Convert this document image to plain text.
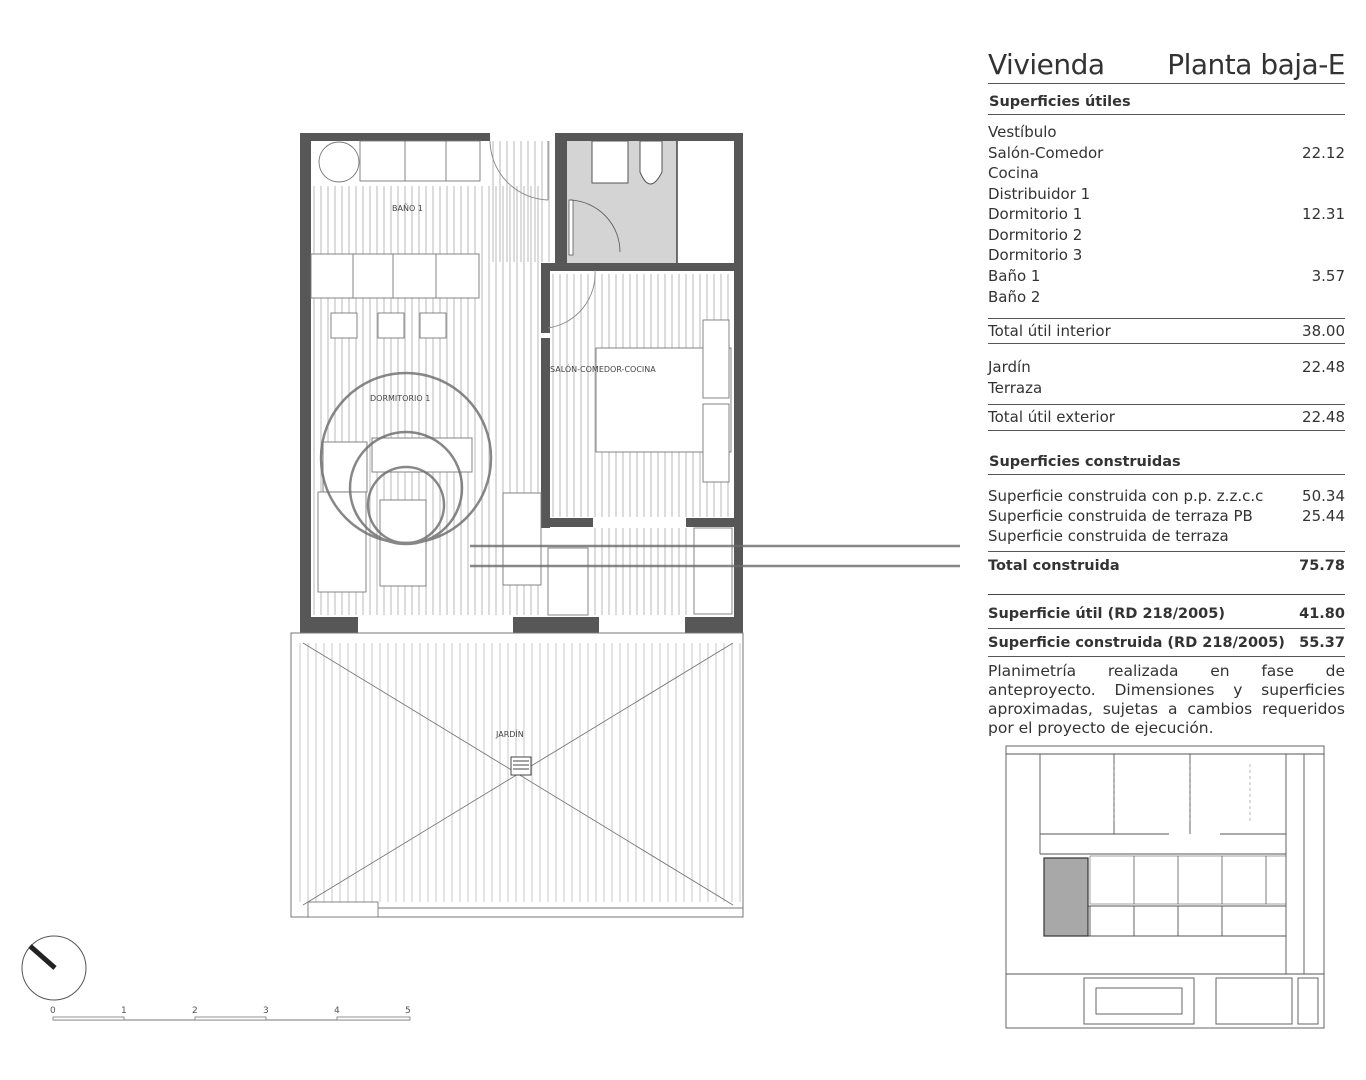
BAÑO 1
SALÓN-COMEDOR-COCINA
DORMITORIO 1
JARDÍN
0	1	2	3	4	5
Vivienda Planta baja-E
Superficies útiles
Vestíbulo
Salón-Comedor	22.12
Cocina
Distribuidor 1
Dormitorio 1	12.31
Dormitorio 2
Dormitorio 3
Baño 1	3.57
Baño 2
Total útil interior	38.00
Jardín	22.48
Terraza
Total útil exterior	22.48
Superficies construidas
Superficie construida con p.p. z.z.c.c	50.34
Superficie construida de terraza PB	25.44
Superficie construida de terraza
Total construida	75.78
Superficie útil (RD 218/2005)	41.80
Superficie construida (RD 218/2005) 55.37
Planimetría realizada en fase de anteproyecto. Dimensiones y superficies aproximadas, sujetas a cambios requeridos por el proyecto de ejecución.
